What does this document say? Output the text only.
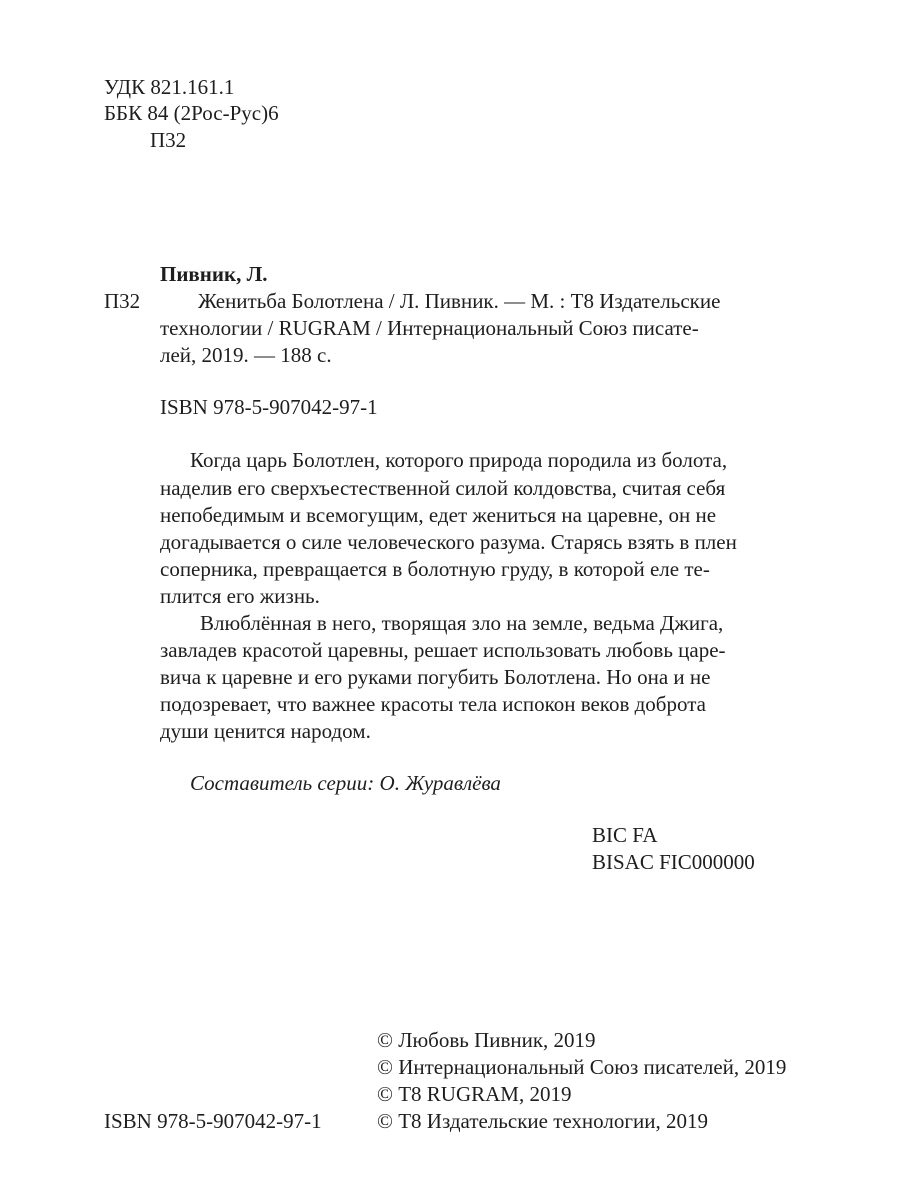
УДК 821.161.1
ББК 84 (2Рос-Рус)6
П32
Пивник, Л.
П32	Женитьба Болотлена / Л. Пивник. — М. : Т8 Издательские
технологии / RUGRAM / Интернациональный Союз писате-
лей, 2019. — 188 с.
ISBN 978-5-907042-97-1
Когда царь Болотлен, которого природа породила из болота,
наделив его сверхъестественной силой колдовства, считая себя
непобедимым и всемогущим, едет жениться на царевне, он не
догадывается о силе человеческого разума. Старясь взять в плен
соперника, превращается в болотную груду, в которой еле те-
плится его жизнь.
Влюблённая в него, творящая зло на земле, ведьма Джига,
завладев красотой царевны, решает использовать любовь царе-
вича к царевне и его руками погубить Болотлена. Но она и не
подозревает, что важнее красоты тела испокон веков доброта
души ценится народом.
Составитель серии: О. Журавлёва
BIC FA
BISAC FIC000000
ISBN 978-5-907042-97-1
© Любовь Пивник, 2019
© Интернациональный Союз писателей, 2019
© Т8 RUGRAM, 2019
© Т8 Издательские технологии, 2019
